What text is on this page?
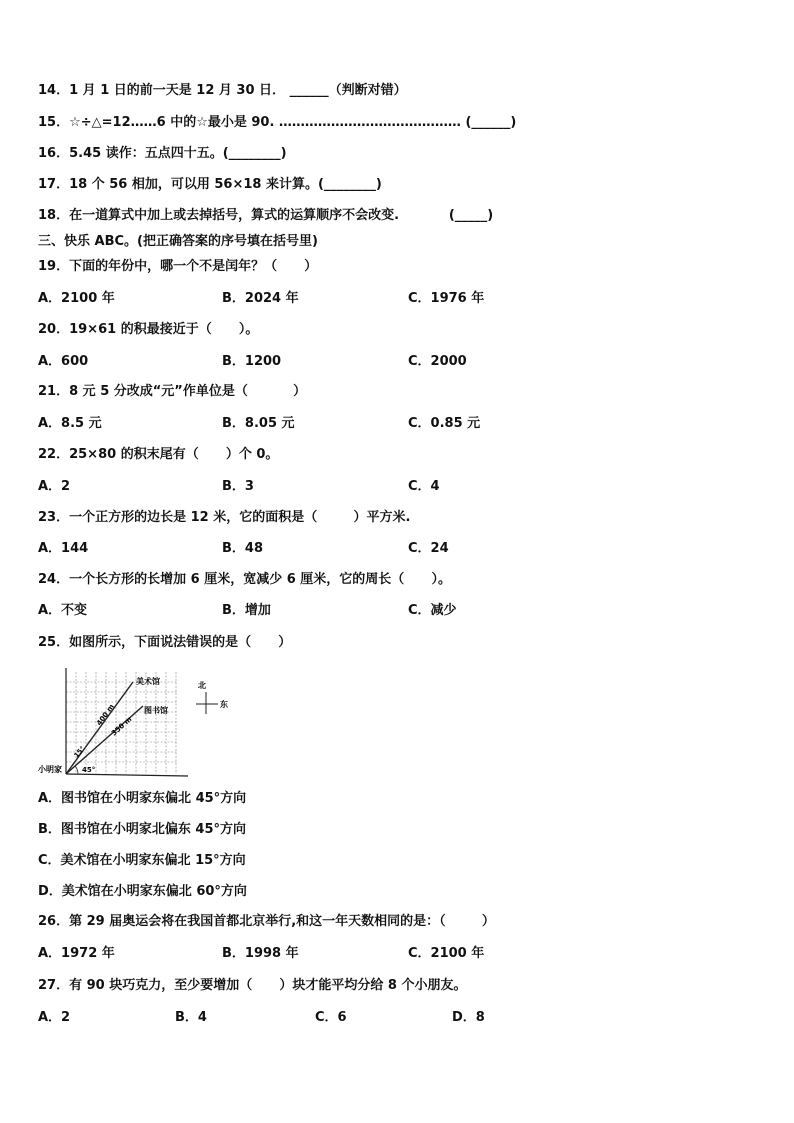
14．1 月 1 日的前一天是 12 月 30 日． ______（判断对错）
15．☆÷△=12……6 中的☆最小是 90. …………………………………… (______)
16．5.45 读作：五点四十五。(________)
17．18 个 56 相加，可以用 56×18 来计算。(________)
18．在一道算式中加上或去掉括号，算式的运算顺序不会改变.           (_____)
三、快乐 ABC。(把正确答案的序号填在括号里)
19．下面的年份中，哪一个不是闰年？（      ）
A．2100 年	B．2024 年	C．1976 年
20．19×61 的积最接近于（      ）。
A．600	B．1200	C．2000
21．8 元 5 分改成“元”作单位是（          ）
A．8.5 元	B．8.05 元	C．0.85 元
22．25×80 的积末尾有（      ）个 0。
A．2	B．3	C．4
23．一个正方形的边长是 12 米，它的面积是（        ）平方米.
A．144	B．48	C．24
24．一个长方形的长增加 6 厘米，宽减少 6 厘米，它的周长（      ）。
A．不变	B．增加	C．减少
25．如图所示，下面说法错误的是（      ）
美术馆
图书馆
小明家
400 m
350 m
15°
45°
北
东
A．图书馆在小明家东偏北 45°方向
B．图书馆在小明家北偏东 45°方向
C．美术馆在小明家东偏北 15°方向
D．美术馆在小明家东偏北 60°方向
26．第 29 届奥运会将在我国首都北京举行,和这一年天数相同的是：（        ）
A．1972 年	B．1998 年	C．2100 年
27．有 90 块巧克力，至少要增加（      ）块才能平均分给 8 个小朋友。
A．2	B．4	C．6	D．8
